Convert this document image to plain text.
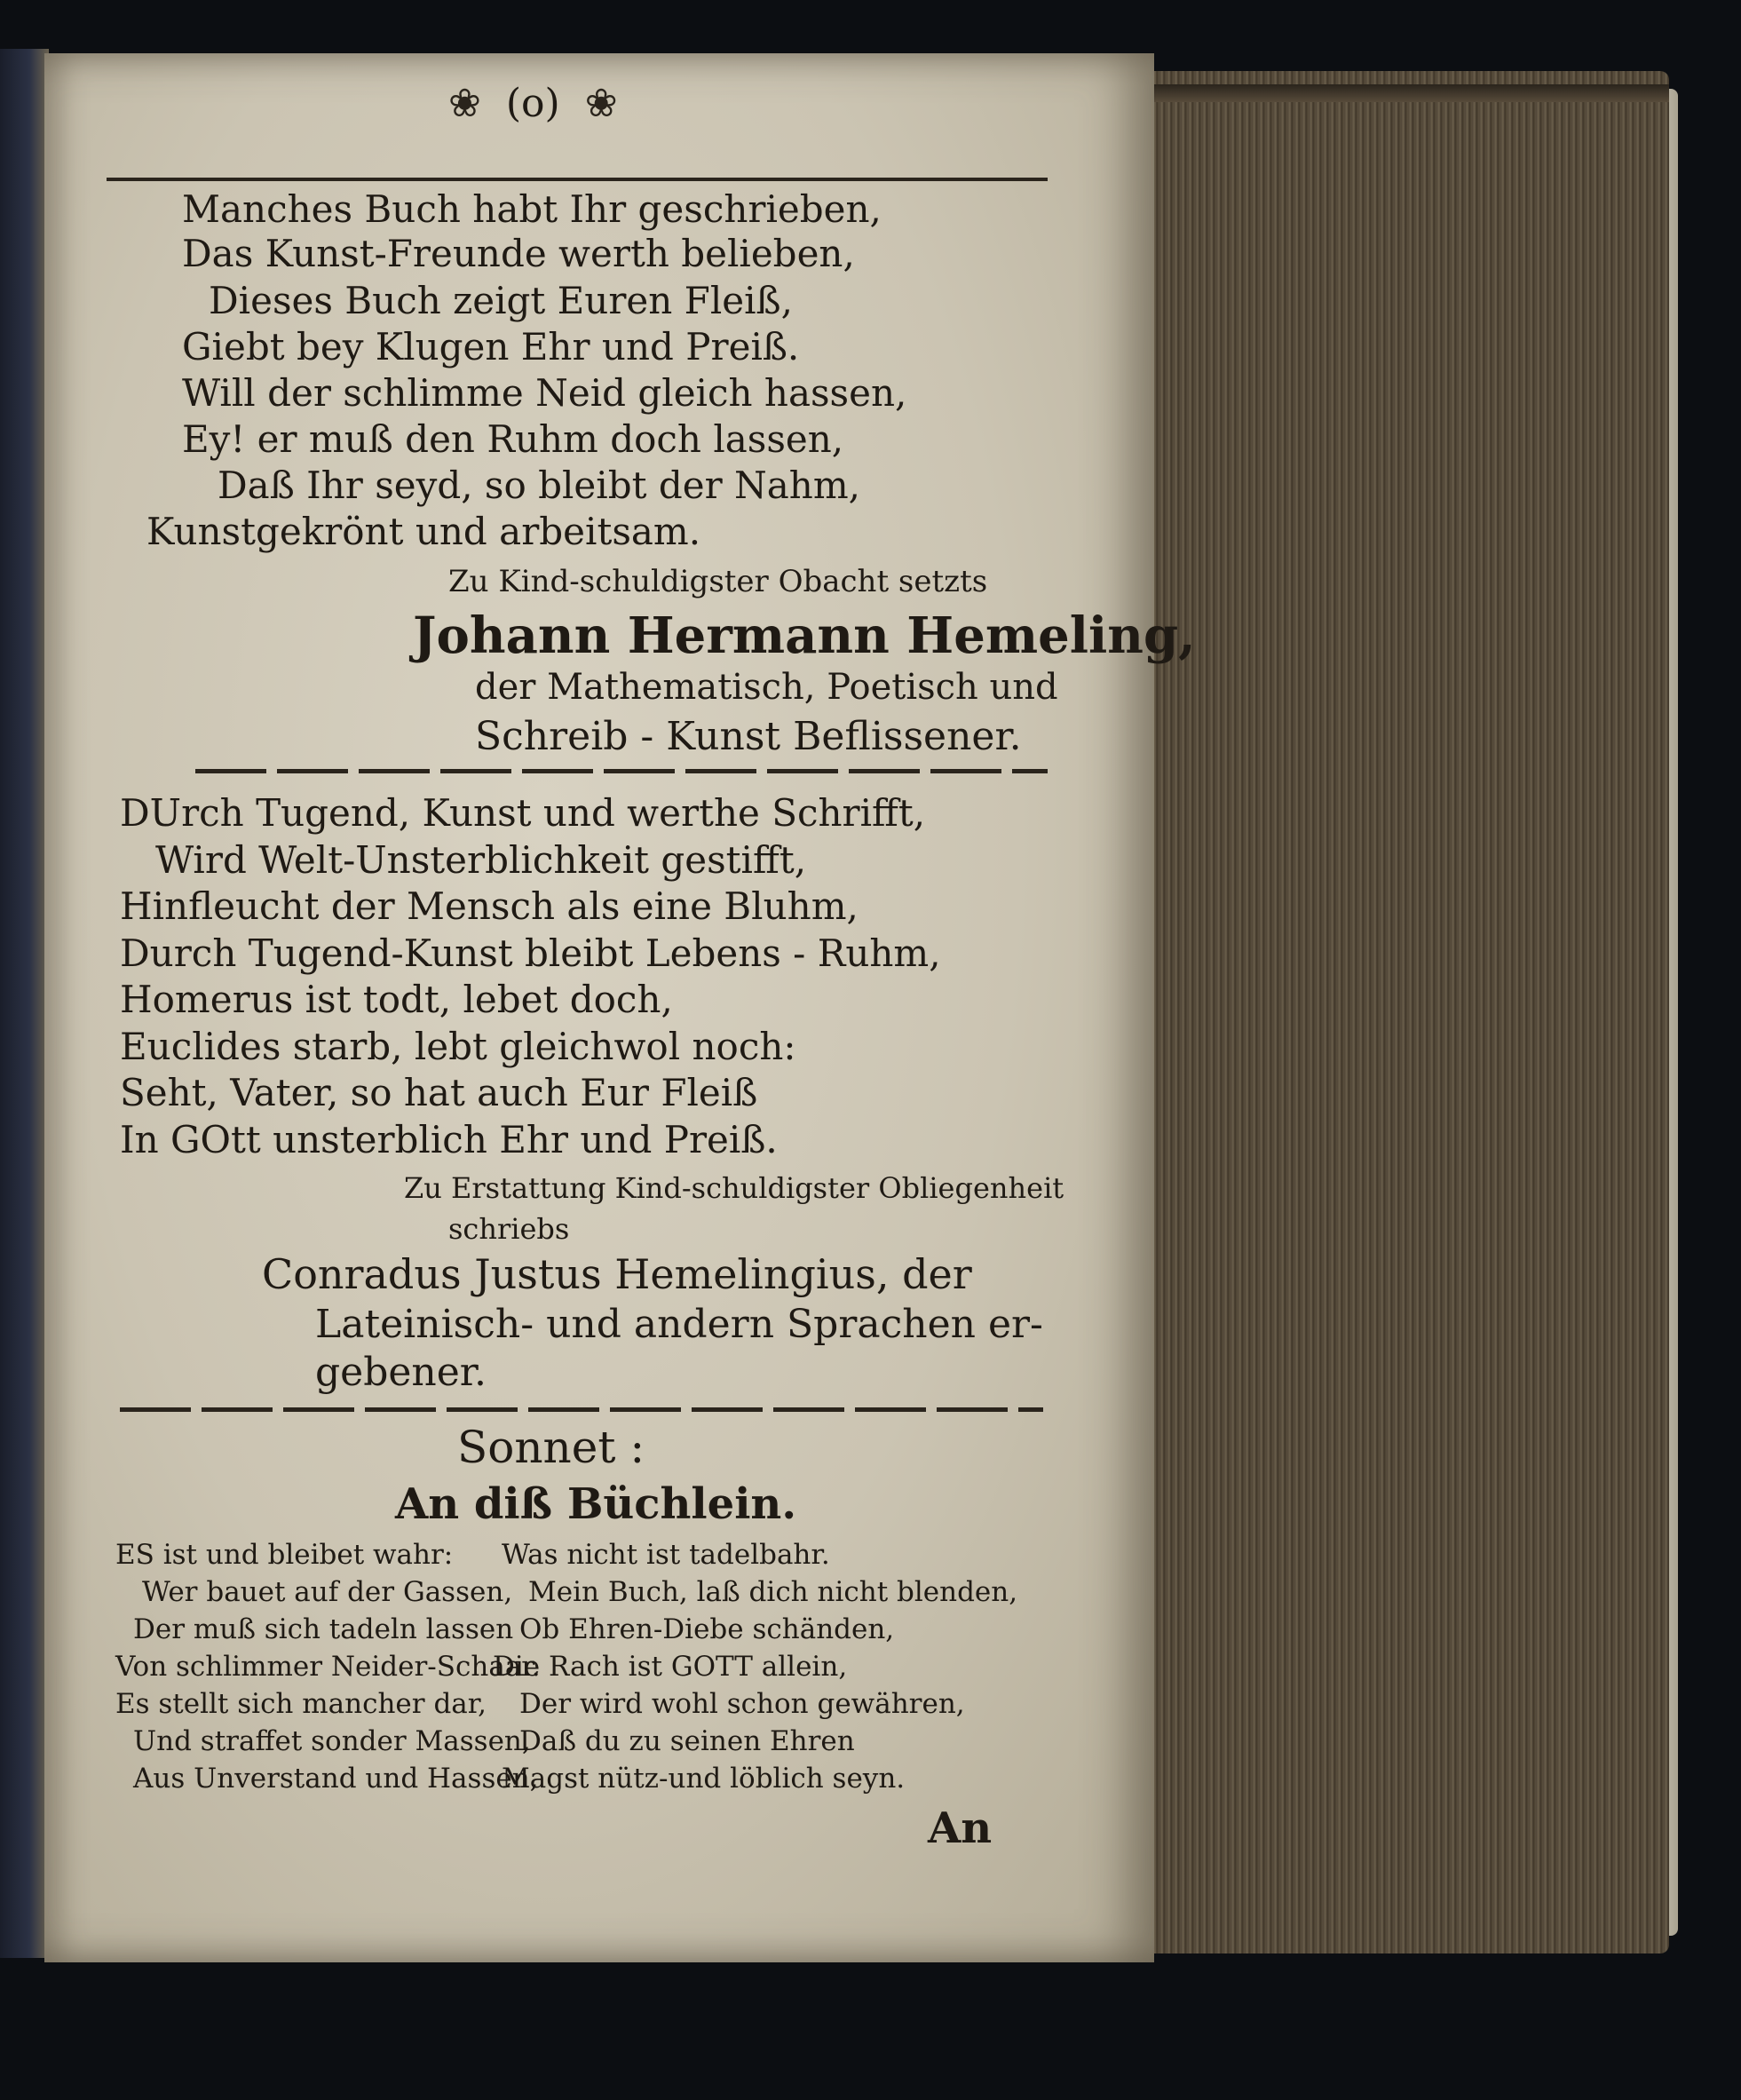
❀ (o) ❀
Manches Buch habt Ihr geschrieben,
Das Kunst-Freunde werth belieben,
Dieses Buch zeigt Euren Fleiß,
Giebt bey Klugen Ehr und Preiß.
Will der schlimme Neid gleich hassen,
Ey! er muß den Ruhm doch lassen,
Daß Ihr seyd, so bleibt der Nahm,
Kunstgekrönt und arbeitsam.
Zu Kind-schuldigster Obacht setzts
Johann Hermann Hemeling,
der Mathematisch, Poetisch und
Schreib - Kunst Beflissener.
DUrch Tugend, Kunst und werthe Schrifft,
Wird Welt-Unsterblichkeit gestifft,
Hinfleucht der Mensch als eine Bluhm,
Durch Tugend-Kunst bleibt Lebens - Ruhm,
Homerus ist todt, lebet doch,
Euclides starb, lebt gleichwol noch:
Seht, Vater, so hat auch Eur Fleiß
In GOtt unsterblich Ehr und Preiß.
Zu Erstattung Kind-schuldigster Obliegenheit
schriebs
Conradus Justus Hemelingius, der
Lateinisch- und andern Sprachen er-
gebener.
Sonnet :
An diß Büchlein.
ES ist und bleibet wahr:
Wer bauet auf der Gassen,
Der muß sich tadeln lassen
Von schlimmer Neider-Schaar.
Es stellt sich mancher dar,
Und straffet sonder Massen,
Aus Unverstand und Hassen,
Was nicht ist tadelbahr.
Mein Buch, laß dich nicht blenden,
Ob Ehren-Diebe schänden,
Die Rach ist GOTT allein,
Der wird wohl schon gewähren,
Daß du zu seinen Ehren
Magst nütz-und löblich seyn.
An
